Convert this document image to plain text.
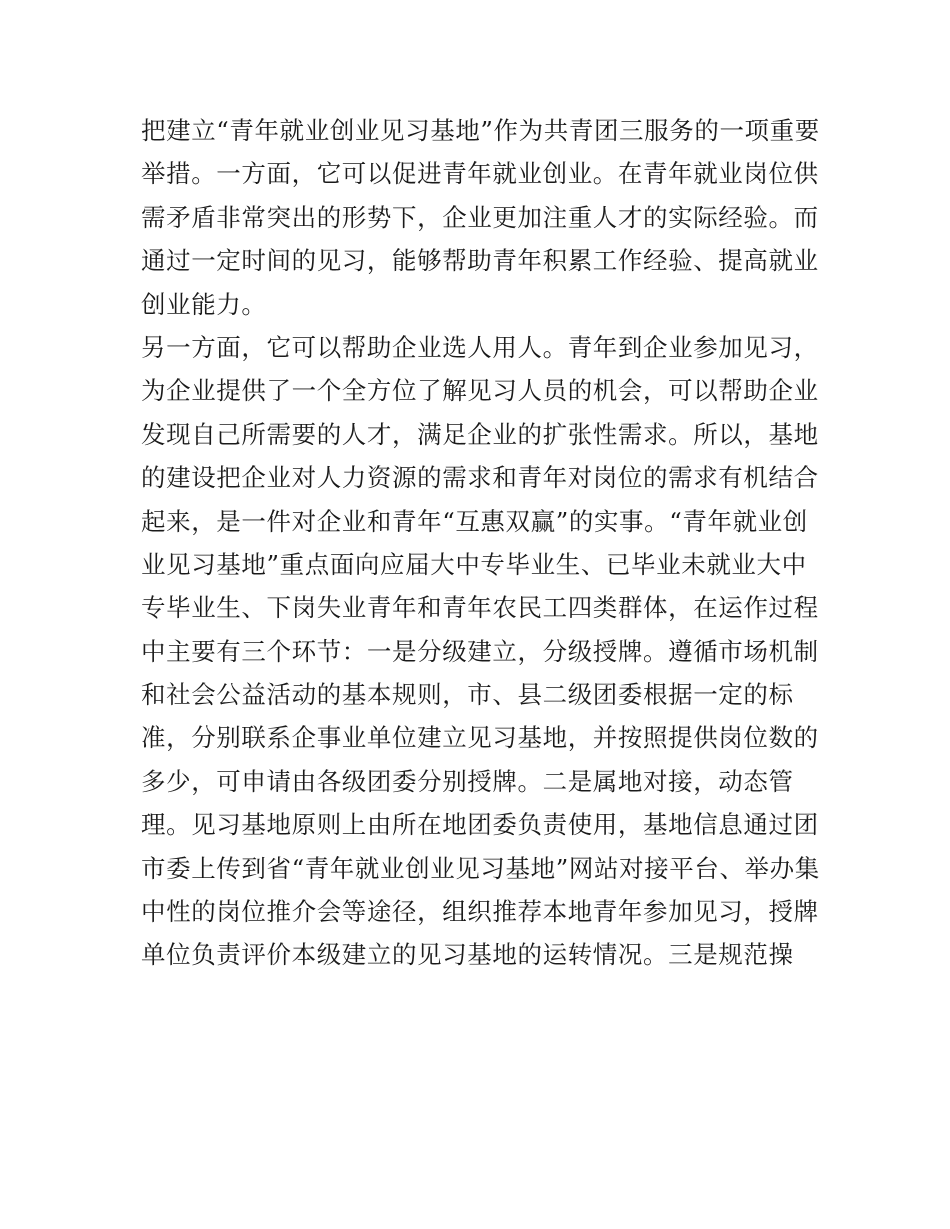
把建立“青年就业创业见习基地”作为共青团三服务的一项重要
举措。一方面，它可以促进青年就业创业。在青年就业岗位供
需矛盾非常突出的形势下，企业更加注重人才的实际经验。而
通过一定时间的见习，能够帮助青年积累工作经验、提高就业
创业能力。
另一方面，它可以帮助企业选人用人。青年到企业参加见习，
为企业提供了一个全方位了解见习人员的机会，可以帮助企业
发现自己所需要的人才，满足企业的扩张性需求。所以，基地
的建设把企业对人力资源的需求和青年对岗位的需求有机结合
起来，是一件对企业和青年“互惠双赢”的实事。“青年就业创
业见习基地”重点面向应届大中专毕业生、已毕业未就业大中
专毕业生、下岗失业青年和青年农民工四类群体，在运作过程
中主要有三个环节：一是分级建立，分级授牌。遵循市场机制
和社会公益活动的基本规则，市、县二级团委根据一定的标
准，分别联系企事业单位建立见习基地，并按照提供岗位数的
多少，可申请由各级团委分别授牌。二是属地对接，动态管
理。见习基地原则上由所在地团委负责使用，基地信息通过团
市委上传到省“青年就业创业见习基地”网站对接平台、举办集
中性的岗位推介会等途径，组织推荐本地青年参加见习，授牌
单位负责评价本级建立的见习基地的运转情况。三是规范操
